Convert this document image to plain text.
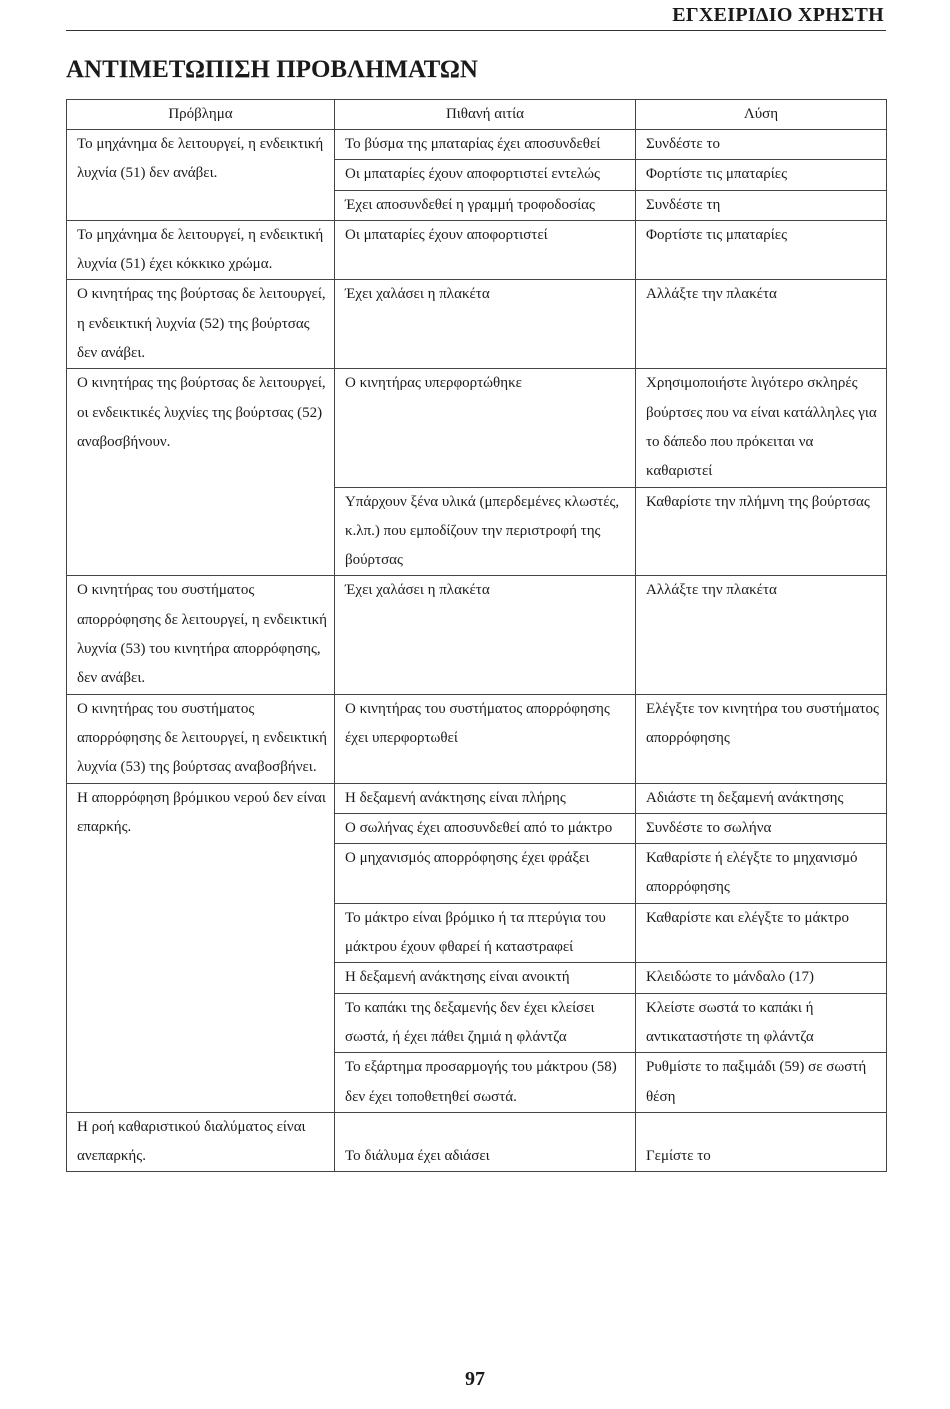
ΕΓΧΕΙΡΙΔΙΟ ΧΡΗΣΤΗ
ΑΝΤΙΜΕΤΩΠΙΣΗ ΠΡΟΒΛΗΜΑΤΩΝ
Πρόβλημα	Πιθανή αιτία	Λύση
Το μηχάνημα δε λειτουργεί, η ενδεικτική λυχνία (51) δεν ανάβει.	Το βύσμα της μπαταρίας έχει αποσυνδεθεί	Συνδέστε το
	Οι μπαταρίες έχουν αποφορτιστεί εντελώς	Φορτίστε τις μπαταρίες
	Έχει αποσυνδεθεί η γραμμή τροφοδοσίας	Συνδέστε τη
Το μηχάνημα δε λειτουργεί, η ενδεικτική λυχνία (51) έχει κόκκικο χρώμα.	Οι μπαταρίες έχουν αποφορτιστεί	Φορτίστε τις μπαταρίες
Ο κινητήρας της βούρτσας δε λειτουργεί, η ενδεικτική λυχνία (52) της βούρτσας δεν ανάβει.	Έχει χαλάσει η πλακέτα	Αλλάξτε την πλακέτα
Ο κινητήρας της βούρτσας δε λειτουργεί, οι ενδεικτικές λυχνίες της βούρτσας (52) αναβοσβήνουν.	Ο κινητήρας υπερφορτώθηκε	Χρησιμοποιήστε λιγότερο σκληρές βούρτσες που να είναι κατάλληλες για το δάπεδο που πρόκειται να καθαριστεί
	Υπάρχουν ξένα υλικά (μπερδεμένες κλωστές, κ.λπ.) που εμποδίζουν την περιστροφή της βούρτσας	Καθαρίστε την πλήμνη της βούρτσας
Ο κινητήρας του συστήματος απορρόφησης δε λειτουργεί, η ενδεικτική λυχνία (53) του κινητήρα απορρόφησης, δεν ανάβει.	Έχει χαλάσει η πλακέτα	Αλλάξτε την πλακέτα
Ο κινητήρας του συστήματος απορρόφησης δε λειτουργεί, η ενδεικτική λυχνία (53) της βούρτσας αναβοσβήνει.	Ο κινητήρας του συστήματος απορρόφησης έχει υπερφορτωθεί	Ελέγξτε τον κινητήρα του συστήματος απορρόφησης
Η απορρόφηση βρόμικου νερού δεν είναι επαρκής.	Η δεξαμενή ανάκτησης είναι πλήρης	Αδιάστε τη δεξαμενή ανάκτησης
	Ο σωλήνας έχει αποσυνδεθεί από το μάκτρο	Συνδέστε το σωλήνα
	Ο μηχανισμός απορρόφησης έχει φράξει	Καθαρίστε ή ελέγξτε το μηχανισμό απορρόφησης
	Το μάκτρο είναι βρόμικο ή τα πτερύγια του μάκτρου έχουν φθαρεί ή καταστραφεί	Καθαρίστε και ελέγξτε το μάκτρο
	Η δεξαμενή ανάκτησης είναι ανοικτή	Κλειδώστε το μάνδαλο (17)
	Το καπάκι της δεξαμενής δεν έχει κλείσει σωστά, ή έχει πάθει ζημιά η φλάντζα	Κλείστε σωστά το καπάκι ή αντικαταστήστε τη φλάντζα
	Το εξάρτημα προσαρμογής του μάκτρου (58) δεν έχει τοποθετηθεί σωστά.	Ρυθμίστε το παξιμάδι (59) σε σωστή θέση
Η ροή καθαριστικού διαλύματος είναι ανεπαρκής.	Το διάλυμα έχει αδιάσει	Γεμίστε το
97
